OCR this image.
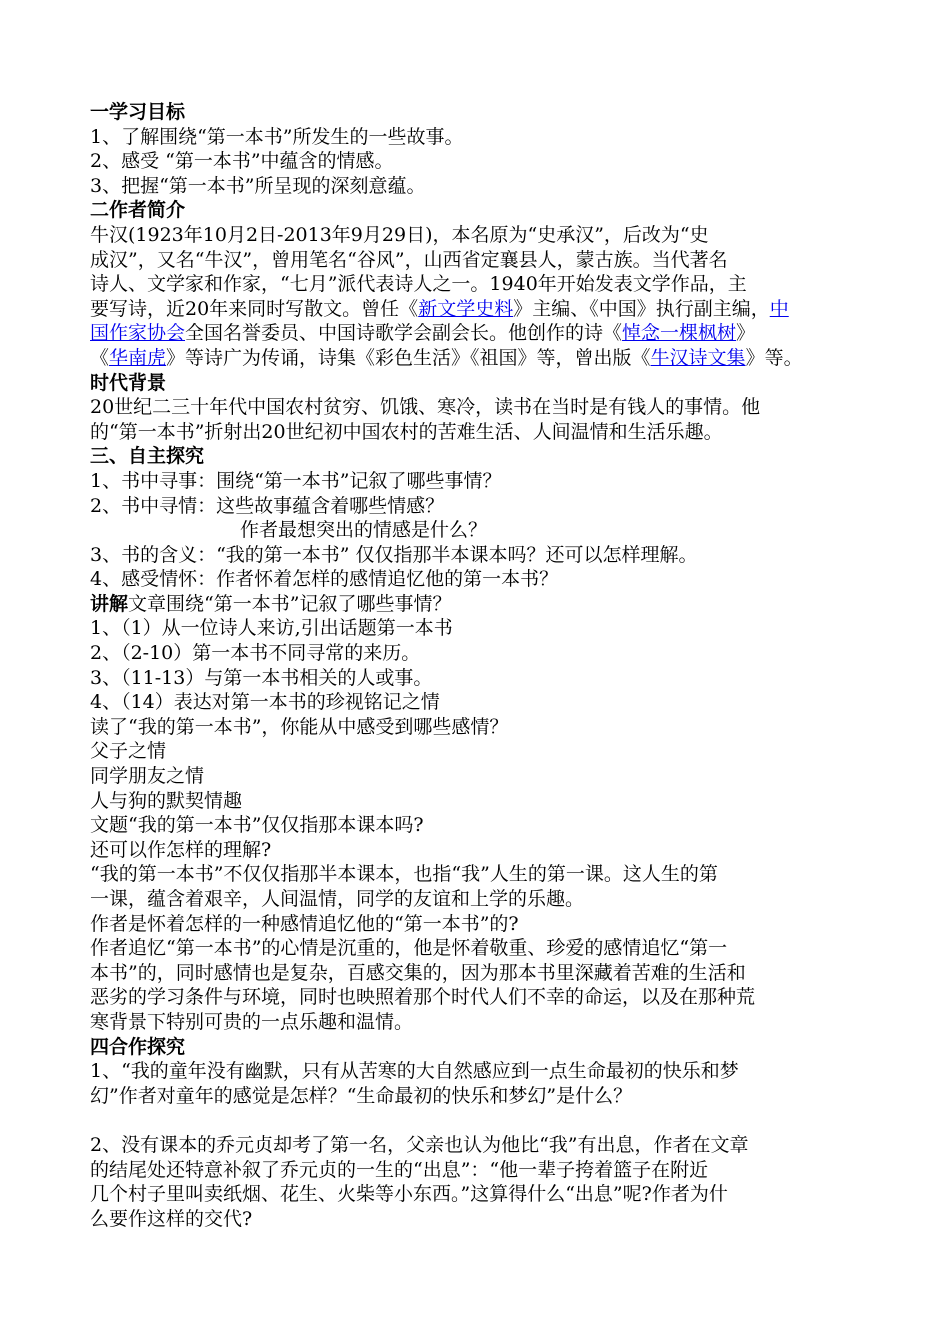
一学习目标
1、了解围绕“第一本书”所发生的一些故事。
2、感受 “第一本书”中蕴含的情感。
3、把握“第一本书”所呈现的深刻意蕴。
二作者简介
牛汉(1923年10月2日-2013年9月29日)，本名原为“史承汉”，后改为“史
成汉”，又名“牛汉”，曾用笔名“谷风”，山西省定襄县人，蒙古族。当代著名
诗人、文学家和作家，“七月”派代表诗人之一。1940年开始发表文学作品，主
要写诗，近20年来同时写散文。曾任《新文学史料》主编、《中国》执行副主编，中
国作家协会全国名誉委员、中国诗歌学会副会长。他创作的诗《悼念一棵枫树》
《华南虎》等诗广为传诵，诗集《彩色生活》《祖国》等，曾出版《牛汉诗文集》等。
时代背景
20世纪二三十年代中国农村贫穷、饥饿、寒冷，读书在当时是有钱人的事情。他
的“第一本书”折射出20世纪初中国农村的苦难生活、人间温情和生活乐趣。
三、自主探究
1、书中寻事：围绕“第一本书”记叙了哪些事情？
2、书中寻情：这些故事蕴含着哪些情感？
作者最想突出的情感是什么？
3、书的含义：“我的第一本书” 仅仅指那半本课本吗？还可以怎样理解。
4、感受情怀：作者怀着怎样的感情追忆他的第一本书？
讲解文章围绕“第一本书”记叙了哪些事情？
1、（1）从一位诗人来访,引出话题第一本书
2、（2-10）第一本书不同寻常的来历。
3、（11-13）与第一本书相关的人或事。
4、（14）表达对第一本书的珍视铭记之情
读了“我的第一本书”，你能从中感受到哪些感情？
父子之情
同学朋友之情
人与狗的默契情趣
文题“我的第一本书”仅仅指那本课本吗?
还可以作怎样的理解?
“我的第一本书”不仅仅指那半本课本，也指“我”人生的第一课。这人生的第
一课，蕴含着艰辛，人间温情，同学的友谊和上学的乐趣。
作者是怀着怎样的一种感情追忆他的“第一本书”的?
作者追忆“第一本书”的心情是沉重的，他是怀着敬重、珍爱的感情追忆“第一
本书”的，同时感情也是复杂，百感交集的，因为那本书里深藏着苦难的生活和
恶劣的学习条件与环境，同时也映照着那个时代人们不幸的命运，以及在那种荒
寒背景下特别可贵的一点乐趣和温情。
四合作探究
1、“我的童年没有幽默，只有从苦寒的大自然感应到一点生命最初的快乐和梦
幻”作者对童年的感觉是怎样？“生命最初的快乐和梦幻”是什么？
2、没有课本的乔元贞却考了第一名，父亲也认为他比“我”有出息，作者在文章
的结尾处还特意补叙了乔元贞的一生的“出息”：“他一辈子挎着篮子在附近
几个村子里叫卖纸烟、花生、火柴等小东西。”这算得什么“出息”呢?作者为什
么要作这样的交代?
